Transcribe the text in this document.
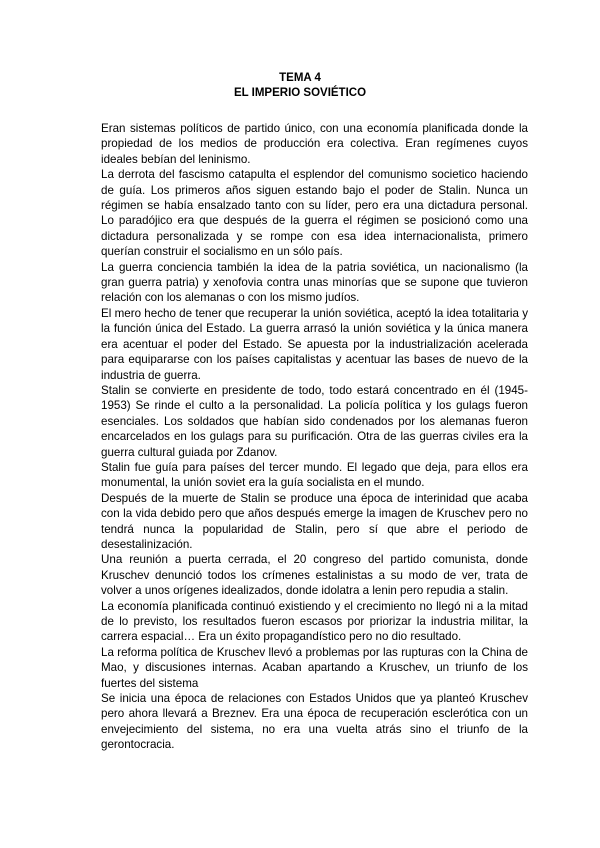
TEMA 4
EL IMPERIO SOVIÉTICO

Eran sistemas políticos de partido único, con una economía planificada donde la propiedad de los medios de producción era colectiva. Eran regímenes cuyos ideales bebían del leninismo.

La derrota del fascismo catapulta el esplendor del comunismo societico haciendo de guía. Los primeros años siguen estando bajo el poder de Stalin. Nunca un régimen se había ensalzado tanto con su líder, pero era una dictadura personal. Lo paradójico era que después de la guerra el régimen se posicionó como una dictadura personalizada y se rompe con esa idea internacionalista, primero querían construir el socialismo en un sólo país.

La guerra conciencia también la idea de la patria soviética, un nacionalismo (la gran guerra patria) y xenofovia contra unas minorías que se supone que tuvieron relación con los alemanas o con los mismo judíos.

El mero hecho de tener que recuperar la unión soviética, aceptó la idea totalitaria y la función única del Estado. La guerra arrasó la unión soviética y la única manera era acentuar el poder del Estado. Se apuesta por la industrialización acelerada para equipararse con los países capitalistas y acentuar las bases de nuevo de la industria de guerra.

Stalin se convierte en presidente de todo, todo estará concentrado en él (1945-1953) Se rinde el culto a la personalidad. La policía política y los gulags fueron esenciales. Los soldados que habían sido condenados por los alemanas fueron encarcelados en los gulags para su purificación. Otra de las guerras civiles era la guerra cultural guiada por Zdanov.

Stalin fue guía para países del tercer mundo. El legado que deja, para ellos era monumental, la unión soviet era la guía socialista en el mundo.

Después de la muerte de Stalin se produce una época de interinidad que acaba con la vida debido pero que años después emerge la imagen de Kruschev pero no tendrá nunca la popularidad de Stalin, pero sí que abre el periodo de desestalinización.

Una reunión a puerta cerrada, el 20 congreso del partido comunista, donde Kruschev denunció todos los crímenes estalinistas a su modo de ver, trata de volver a unos orígenes idealizados, donde idolatra a lenin pero repudia a stalin.

La economía planificada continuó existiendo y el crecimiento no llegó ni a la mitad de lo previsto, los resultados fueron escasos por priorizar la industria militar, la carrera espacial… Era un éxito propagandístico pero no dio resultado.

La reforma política de Kruschev llevó a problemas por las rupturas con la China de Mao, y discusiones internas. Acaban apartando a Kruschev, un triunfo de los fuertes del sistema

Se inicia una época de relaciones con Estados Unidos que ya planteó Kruschev pero ahora llevará a Breznev. Era una época de recuperación esclerótica con un envejecimiento del sistema, no era una vuelta atrás sino el triunfo de la gerontocracia.
